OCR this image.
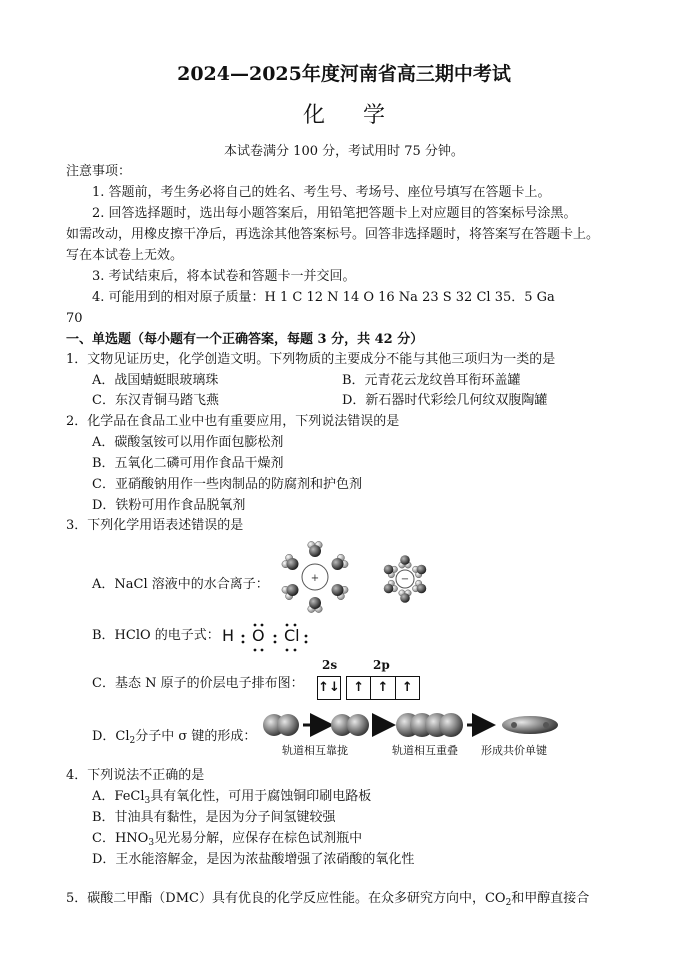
2024—2025年度河南省高三期中考试
化学
本试卷满分 100 分，考试用时 75 分钟。
注意事项：
1. 答题前，考生务必将自己的姓名、考生号、考场号、座位号填写在答题卡上。
2. 回答选择题时，选出每小题答案后，用铅笔把答题卡上对应题目的答案标号涂黑。
如需改动，用橡皮擦干净后，再选涂其他答案标号。回答非选择题时，将答案写在答题卡上。
写在本试卷上无效。
3. 考试结束后，将本试卷和答题卡一并交回。
4. 可能用到的相对原子质量：H 1 C 12 N 14 O 16 Na 23 S 32 Cl 35．5 Ga
70
一、单选题（每小题有一个正确答案，每题 3 分，共 42 分）
1．文物见证历史，化学创造文明。下列物质的主要成分不能与其他三项归为一类的是
A．战国蜻蜓眼玻璃珠	B．元青花云龙纹兽耳衔环盖罐
C．东汉青铜马踏飞燕	D．新石器时代彩绘几何纹双腹陶罐
2．化学品在食品工业中也有重要应用，下列说法错误的是
A．碳酸氢铵可以用作面包膨松剂
B．五氧化二磷可用作食品干燥剂
C．亚硝酸钠用作一些肉制品的防腐剂和护色剂
D．铁粉可用作食品脱氧剂
3．下列化学用语表述错误的是
A．NaCl 溶液中的水合离子：	+	−
B．HClO 的电子式： H O Cl
C．基态 N 原子的价层电子排布图：
2s	2p
↑↓	↑	↑	↑
D．$Cl_2$分子中 σ 键的形成：
轨道相互靠拢	轨道相互重叠 形成共价单键
4．下列说法不正确的是
A．FeCl$_3$具有氧化性，可用于腐蚀铜印刷电路板
B．甘油具有黏性，是因为分子间氢键较强
C．$HNO_3$见光易分解，应保存在棕色试剂瓶中
D．王水能溶解金，是因为浓盐酸增强了浓硝酸的氧化性
5．碳酸二甲酯（DMC）具有优良的化学反应性能。在众多研究方向中，$CO_2$和甲醇直接合
